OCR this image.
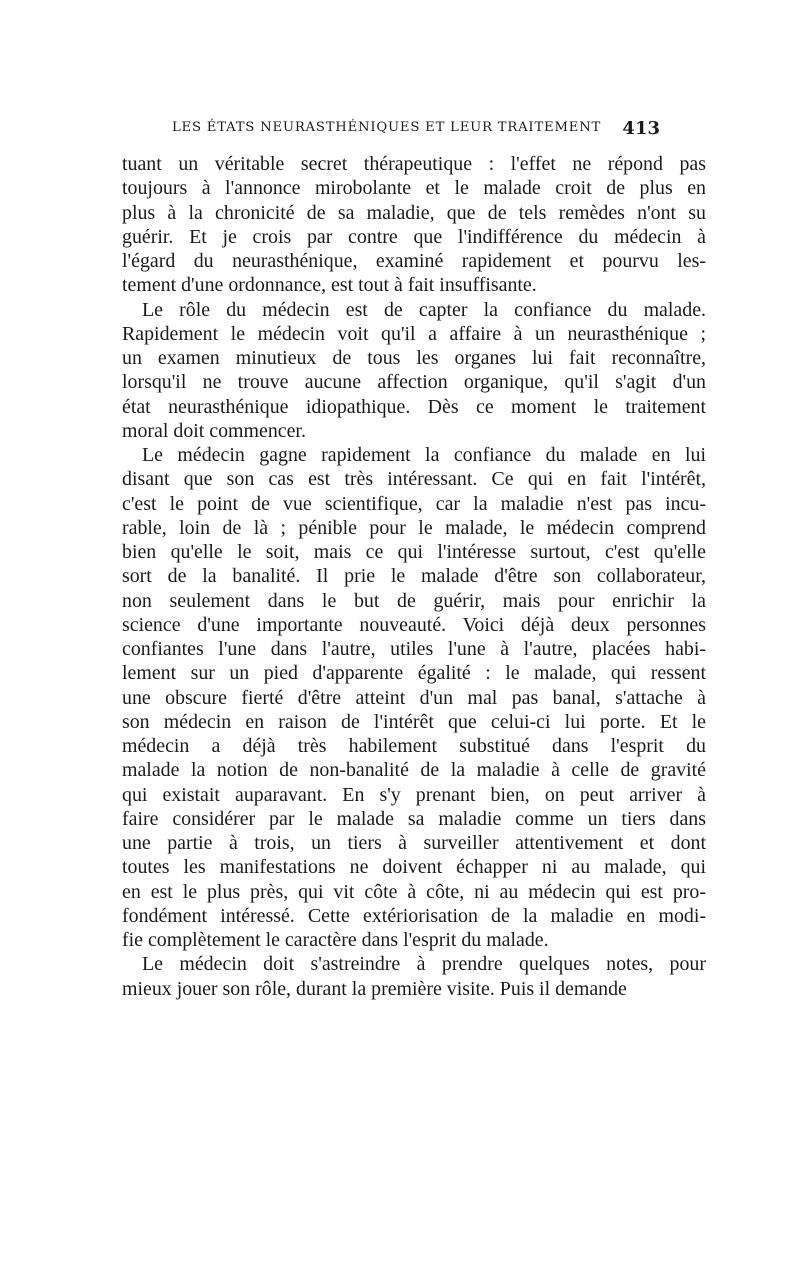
LES ÉTATS NEURASTHÉNIQUES ET LEUR TRAITEMENT 413
tuant un véritable secret thérapeutique : l'effet ne répond pas
toujours à l'annonce mirobolante et le malade croit de plus en
plus à la chronicité de sa maladie, que de tels remèdes n'ont su
guérir. Et je crois par contre que l'indifférence du médecin à
l'égard du neurasthénique, examiné rapidement et pourvu les-
tement d'une ordonnance, est tout à fait insuffisante.
Le rôle du médecin est de capter la confiance du malade.
Rapidement le médecin voit qu'il a affaire à un neurasthénique ;
un examen minutieux de tous les organes lui fait reconnaître,
lorsqu'il ne trouve aucune affection organique, qu'il s'agit d'un
état neurasthénique idiopathique. Dès ce moment le traitement
moral doit commencer.
Le médecin gagne rapidement la confiance du malade en lui
disant que son cas est très intéressant. Ce qui en fait l'intérêt,
c'est le point de vue scientifique, car la maladie n'est pas incu-
rable, loin de là ; pénible pour le malade, le médecin comprend
bien qu'elle le soit, mais ce qui l'intéresse surtout, c'est qu'elle
sort de la banalité. Il prie le malade d'être son collaborateur,
non seulement dans le but de guérir, mais pour enrichir la
science d'une importante nouveauté. Voici déjà deux personnes
confiantes l'une dans l'autre, utiles l'une à l'autre, placées habi-
lement sur un pied d'apparente égalité : le malade, qui ressent
une obscure fierté d'être atteint d'un mal pas banal, s'attache à
son médecin en raison de l'intérêt que celui-ci lui porte. Et le
médecin a déjà très habilement substitué dans l'esprit du
malade la notion de non-banalité de la maladie à celle de gravité
qui existait auparavant. En s'y prenant bien, on peut arriver à
faire considérer par le malade sa maladie comme un tiers dans
une partie à trois, un tiers à surveiller attentivement et dont
toutes les manifestations ne doivent échapper ni au malade, qui
en est le plus près, qui vit côte à côte, ni au médecin qui est pro-
fondément intéressé. Cette extériorisation de la maladie en modi-
fie complètement le caractère dans l'esprit du malade.
Le médecin doit s'astreindre à prendre quelques notes, pour
mieux jouer son rôle, durant la première visite. Puis il demande
